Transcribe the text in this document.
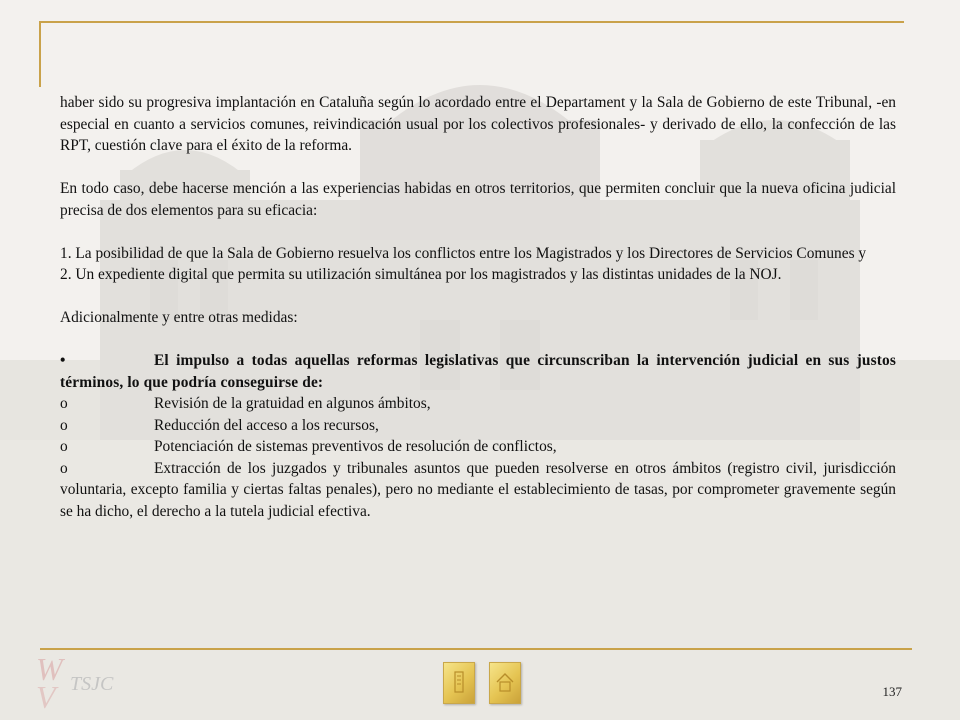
haber sido su progresiva implantación en Cataluña según lo acordado entre el Departament y la Sala de Gobierno de este Tribunal, -en especial en cuanto a servicios comunes, reivindicación usual por los colectivos profesionales- y derivado de ello, la confección de las RPT, cuestión clave para el éxito de la reforma.

En todo caso, debe hacerse mención a las experiencias habidas en otros territorios, que permiten concluir que la nueva oficina judicial precisa de dos elementos para su eficacia:

1. La posibilidad de que la Sala de Gobierno resuelva los conflictos entre los Magistrados y los Directores de Servicios Comunes y

2. Un expediente digital que permita su utilización simultánea por los magistrados y las distintas unidades de la NOJ.

Adicionalmente y entre otras medidas:

•	El impulso a todas aquellas reformas legislativas que circunscriban la intervención judicial en sus justos términos, lo que podría conseguirse de:

o	Revisión de la gratuidad en algunos ámbitos,
o	Reducción del acceso a los recursos,
o	Potenciación de sistemas preventivos de resolución de conflictos,

o	Extracción de los juzgados y tribunales asuntos que pueden resolverse en otros ámbitos (registro civil, jurisdicción voluntaria, excepto familia y ciertas faltas penales), pero no mediante el establecimiento de tasas, por comprometer gravemente según se ha dicho, el derecho a la tutela judicial efectiva.

W
V TSJC	137
